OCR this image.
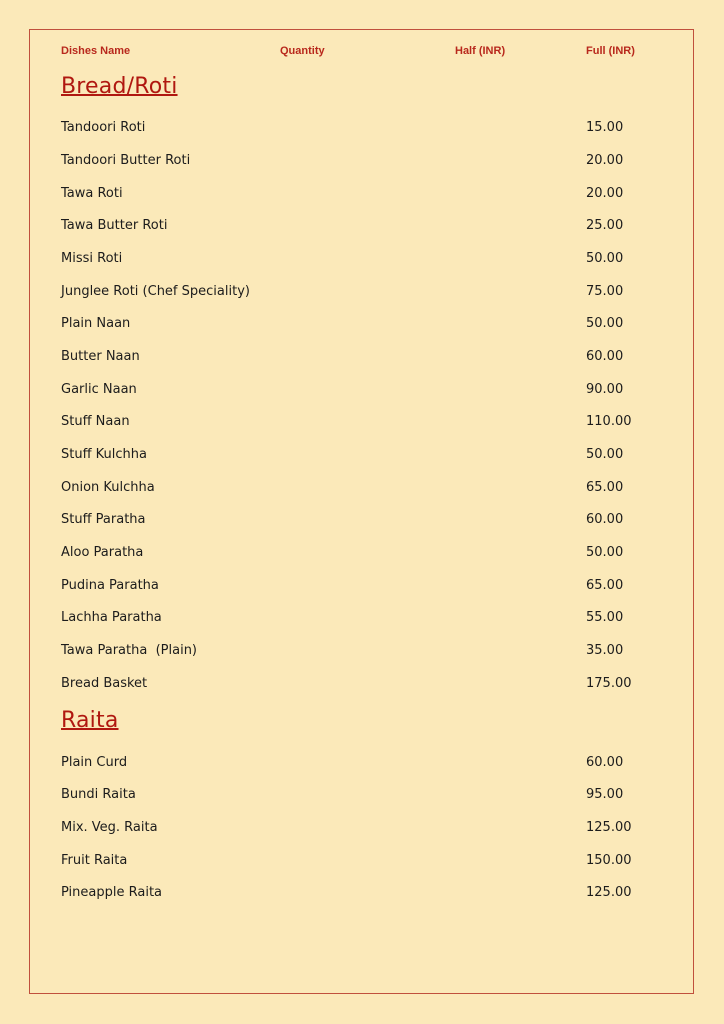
Dishes Name	Quantity	Half (INR)	Full (INR)
Bread/Roti
Tandoori Roti	15.00
Tandoori Butter Roti	20.00
Tawa Roti	20.00
Tawa Butter Roti	25.00
Missi Roti	50.00
Junglee Roti (Chef Speciality)	75.00
Plain Naan	50.00
Butter Naan	60.00
Garlic Naan	90.00
Stuff Naan	110.00
Stuff Kulchha	50.00
Onion Kulchha	65.00
Stuff Paratha	60.00
Aloo Paratha	50.00
Pudina Paratha	65.00
Lachha Paratha	55.00
Tawa Paratha  (Plain)	35.00
Bread Basket	175.00
Raita
Plain Curd	60.00
Bundi Raita	95.00
Mix. Veg. Raita	125.00
Fruit Raita	150.00
Pineapple Raita	125.00
